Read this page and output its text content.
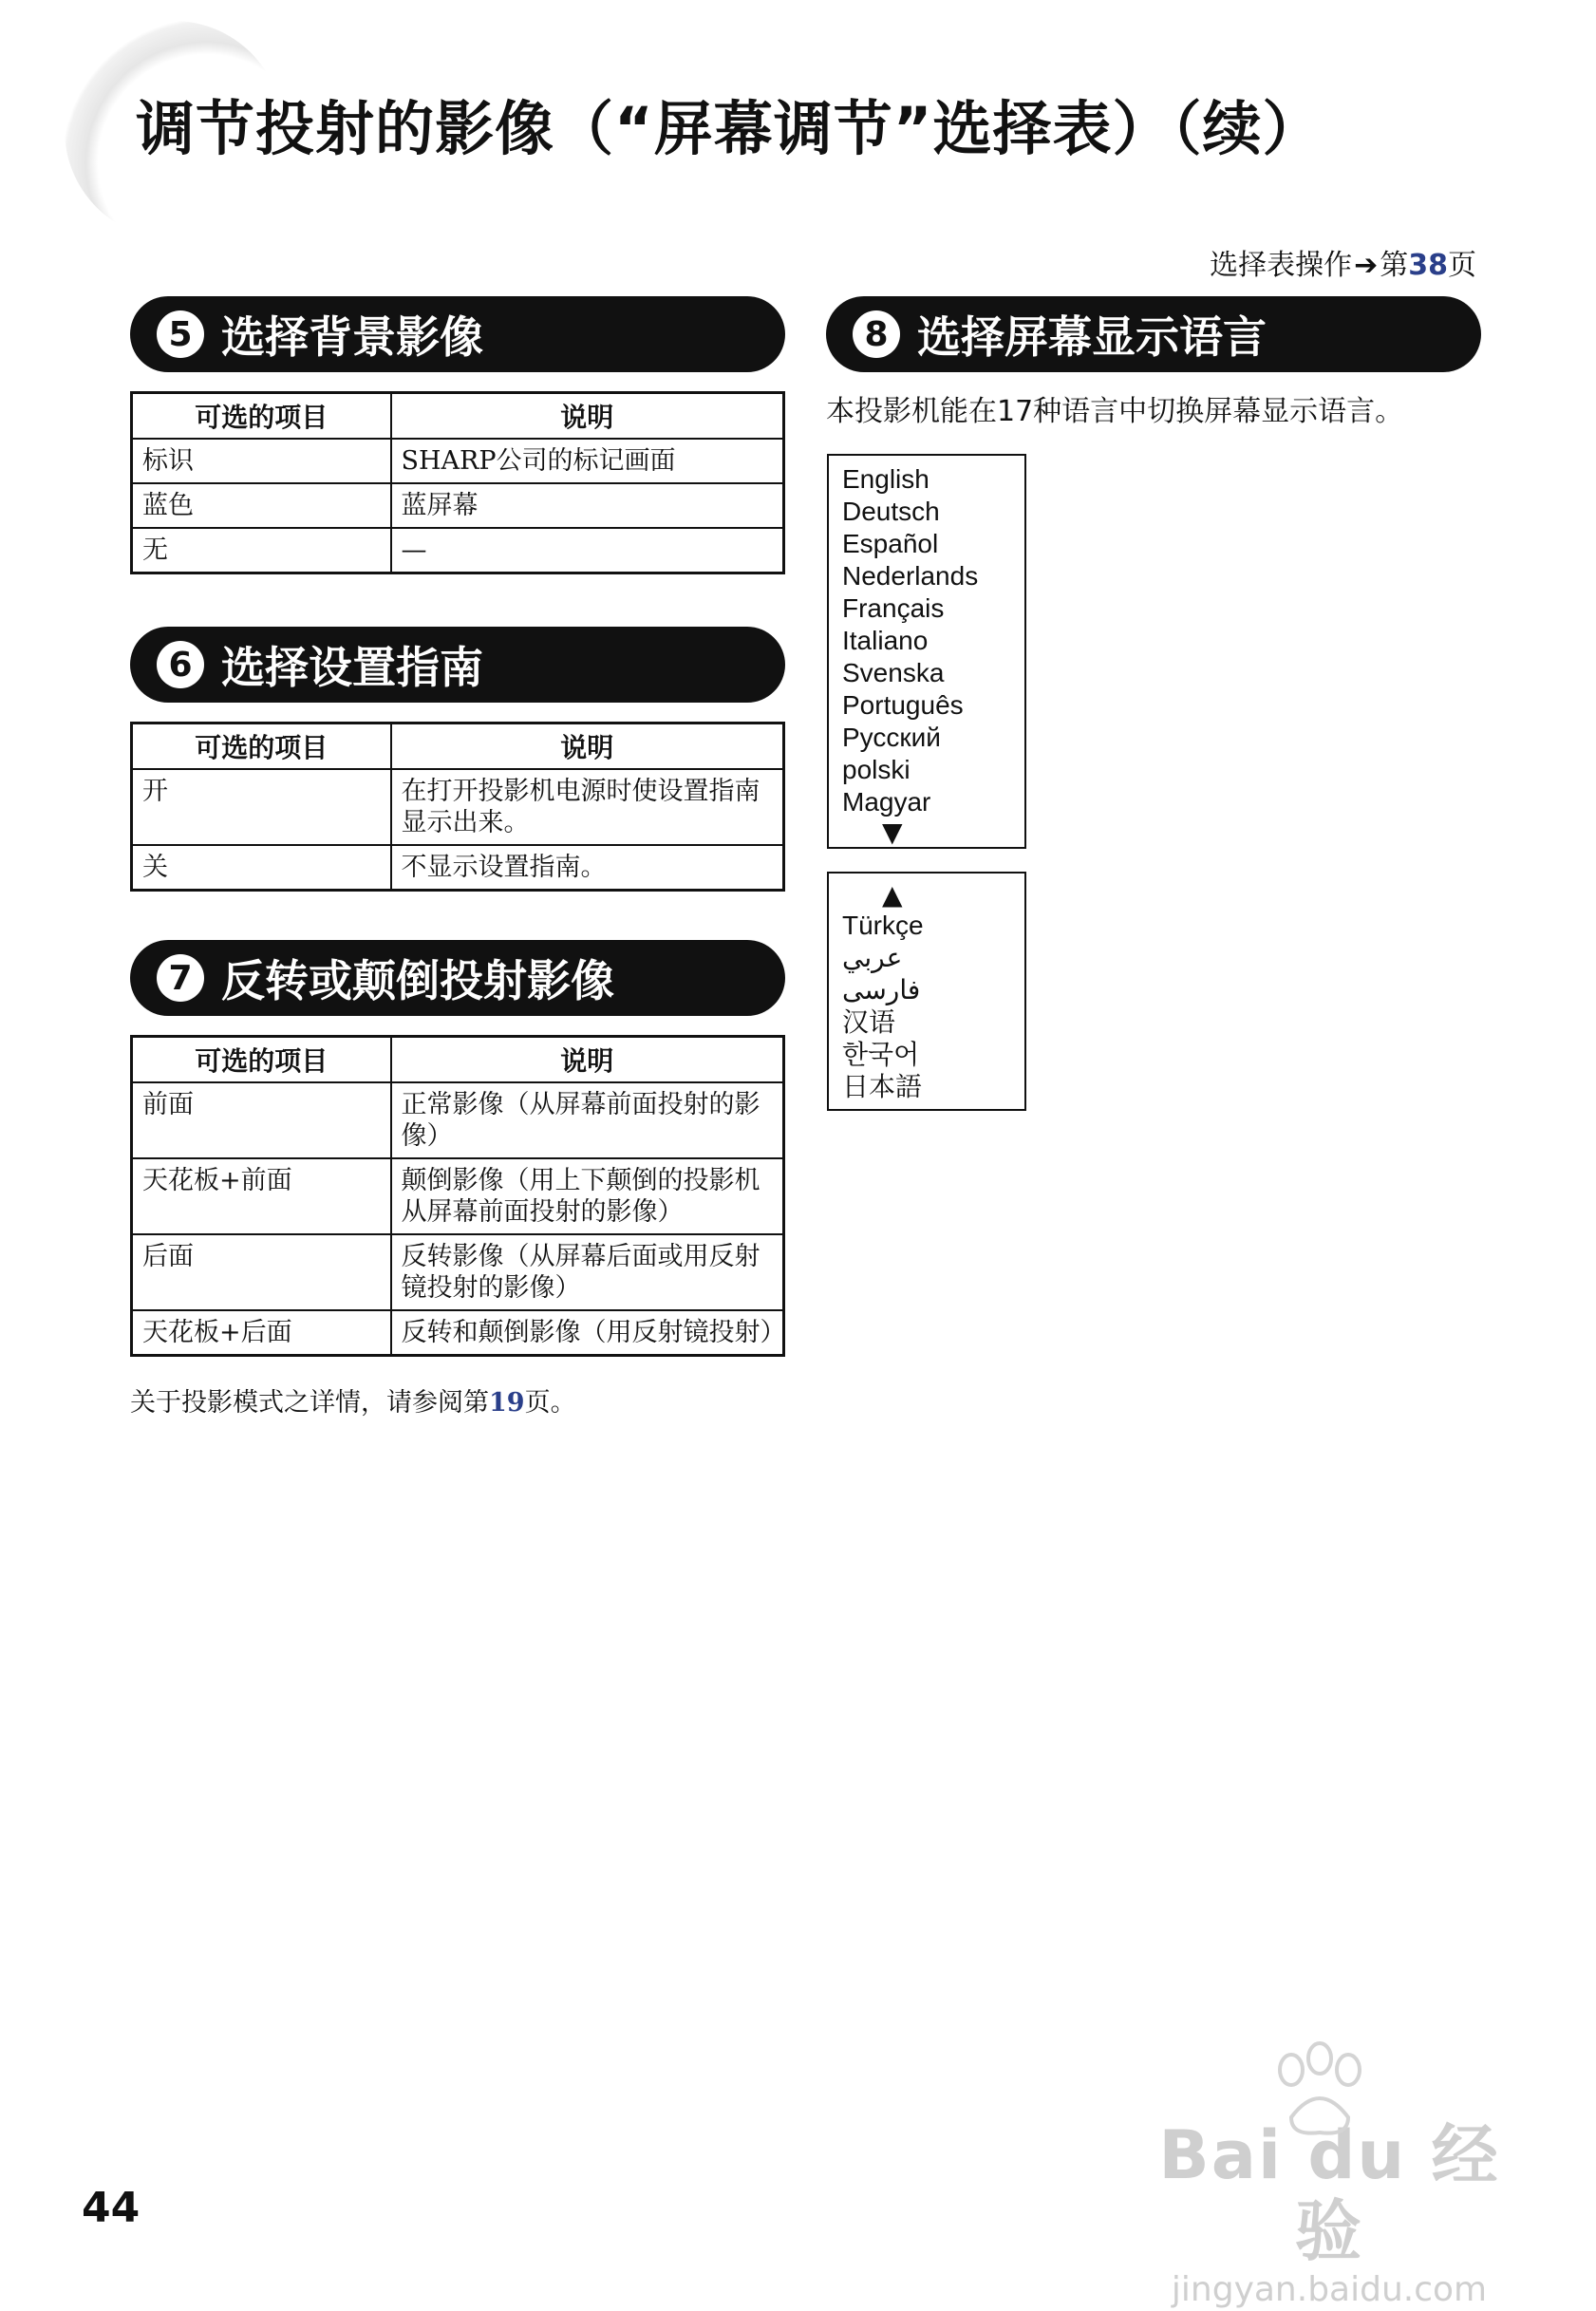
调节投射的影像（“屏幕调节”选择表）（续）
选择表操作➔第38页
5 选择背景影像
可选的项目	说明
标识	SHARP公司的标记画面
蓝色	蓝屏幕
无	—
6 选择设置指南
可选的项目	说明
开	在打开投影机电源时使设置指南显示出来。
关	不显示设置指南。
7 反转或颠倒投射影像
可选的项目	说明
前面	正常影像（从屏幕前面投射的影像）
天花板+前面	颠倒影像（用上下颠倒的投影机从屏幕前面投射的影像）
后面	反转影像（从屏幕后面或用反射镜投射的影像）
天花板+后面	反转和颠倒影像（用反射镜投射）
关于投影模式之详情，请参阅第19页。
8 选择屏幕显示语言
本投影机能在17种语言中切换屏幕显示语言。
English
Deutsch
Español
Nederlands
Français
Italiano
Svenska
Português
Русский
polski
Magyar
▼
▲
Türkçe
عربي
فارسی
汉语
한국어
日本語
44
Bai du 经验
jingyan.baidu.com
